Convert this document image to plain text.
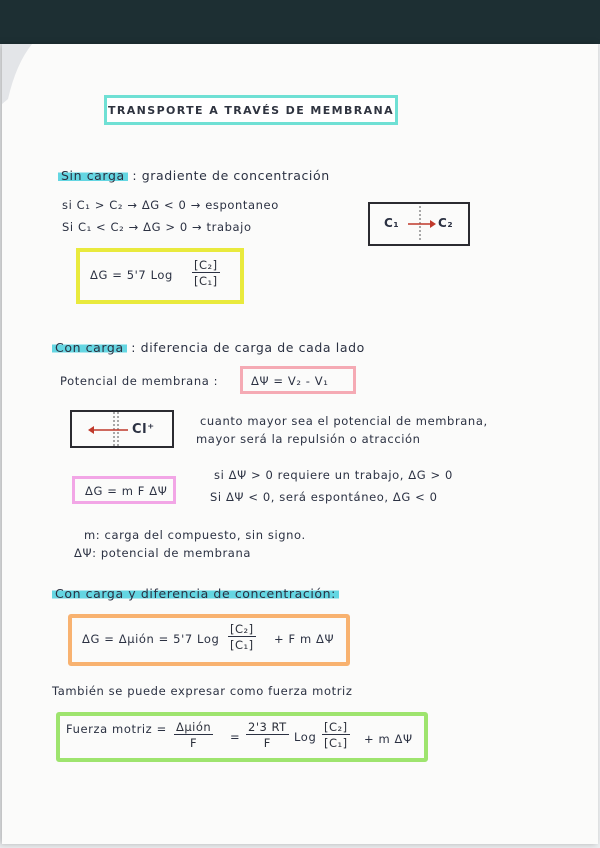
TRANSPORTE A TRAVÉS DE MEMBRANA
Sin carga : gradiente de concentración
si C₁ > C₂ → ΔG < 0 → espontaneo
Si C₁ < C₂ → ΔG > 0 → trabajo	C₁	C₂
ΔG = 5'7 Log $\frac{\text{[C₂]}}{\text{[C₁]}}$
Con carga : diferencia de carga de cada lado
Potencial de membrana :	ΔΨ = V₂ - V₁
Cl⁺
cuanto mayor sea el potencial de membrana,
mayor será la repulsión o atracción
ΔG = m F ΔΨ
si ΔΨ > 0 requiere un trabajo, ΔG > 0
Si ΔΨ < 0, será espontáneo, ΔG < 0
m: carga del compuesto, sin signo.
ΔΨ: potencial de membrana
Con carga y diferencia de concentración:
ΔG = Δμión = 5'7 Log $\frac{\text{[C₂]}}{\text{[C₁]}} + F$ m ΔΨ
También se puede expresar como fuerza motriz
Fuerza motriz = Δμión
F	= $\frac{2'3 RT}{F}$ Log $\frac{\text{[C₂]}}{\text{[C₁]}} + m$ ΔΨ
